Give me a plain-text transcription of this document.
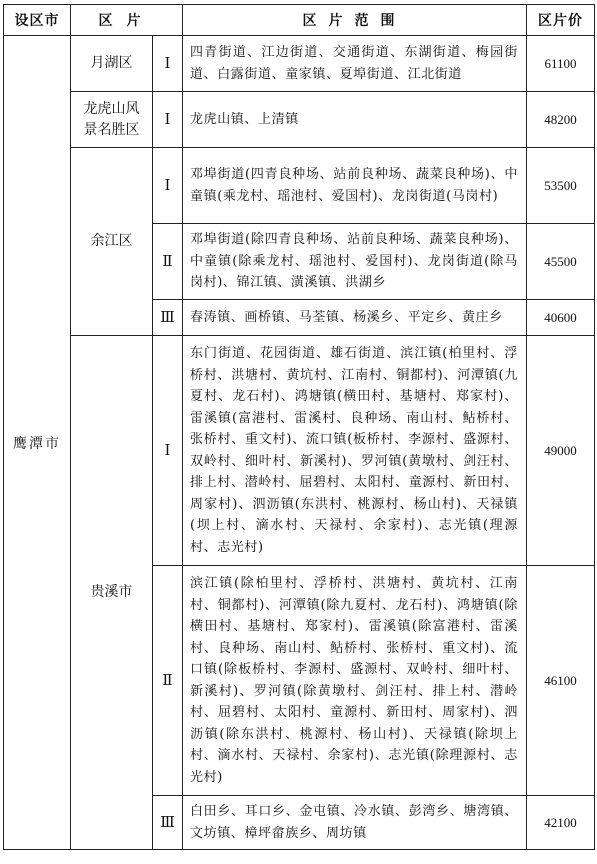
设区市	区片		区片范围	区片价
鹰潭市	月湖区	Ⅰ	四青街道、江边街道、交通街道、东湖街道、梅园街道、白露街道、童家镇、夏埠街道、江北街道	61100
	龙虎山风景名胜区	Ⅰ	龙虎山镇、上清镇	48200
	余江区	Ⅰ	邓埠街道(四青良种场、站前良种场、蔬菜良种场)、中童镇(乘龙村、瑶池村、爱国村)、龙岗街道(马岗村)	53500
		Ⅱ	邓埠街道(除四青良种场、站前良种场、蔬菜良种场)、中童镇(除乘龙村、瑶池村、爱国村)、龙岗街道(除马岗村)、锦江镇、潢溪镇、洪湖乡	45500
		Ⅲ	春涛镇、画桥镇、马荃镇、杨溪乡、平定乡、黄庄乡	40600
	贵溪市	Ⅰ	东门街道、花园街道、雄石街道、滨江镇(柏里村、浮桥村、洪塘村、黄坑村、江南村、铜都村)、河潭镇(九夏村、龙石村)、鸿塘镇(横田村、基塘村、郑家村)、雷溪镇(富港村、雷溪村、良种场、南山村、鲇桥村、张桥村、重文村)、流口镇(板桥村、李源村、盛源村、双岭村、细叶村、新溪村)、罗河镇(黄墩村、剑汪村、排上村、潜岭村、屈碧村、太阳村、童源村、新田村、周家村)、泗沥镇(东洪村、桃源村、杨山村)、天禄镇(坝上村、滴水村、天禄村、余家村)、志光镇(理源村、志光村)	49000
		Ⅱ	滨江镇(除柏里村、浮桥村、洪塘村、黄坑村、江南村、铜都村)、河潭镇(除九夏村、龙石村)、鸿塘镇(除横田村、基塘村、郑家村)、雷溪镇(除富港村、雷溪村、良种场、南山村、鲇桥村、张桥村、重文村)、流口镇(除板桥村、李源村、盛源村、双岭村、细叶村、新溪村)、罗河镇(除黄墩村、剑汪村、排上村、潜岭村、屈碧村、太阳村、童源村、新田村、周家村)、泗沥镇(除东洪村、桃源村、杨山村)、天禄镇(除坝上村、滴水村、天禄村、余家村)、志光镇(除理源村、志光村)	46100
		Ⅲ	白田乡、耳口乡、金屯镇、冷水镇、彭湾乡、塘湾镇、文坊镇、樟坪畲族乡、周坊镇	42100
